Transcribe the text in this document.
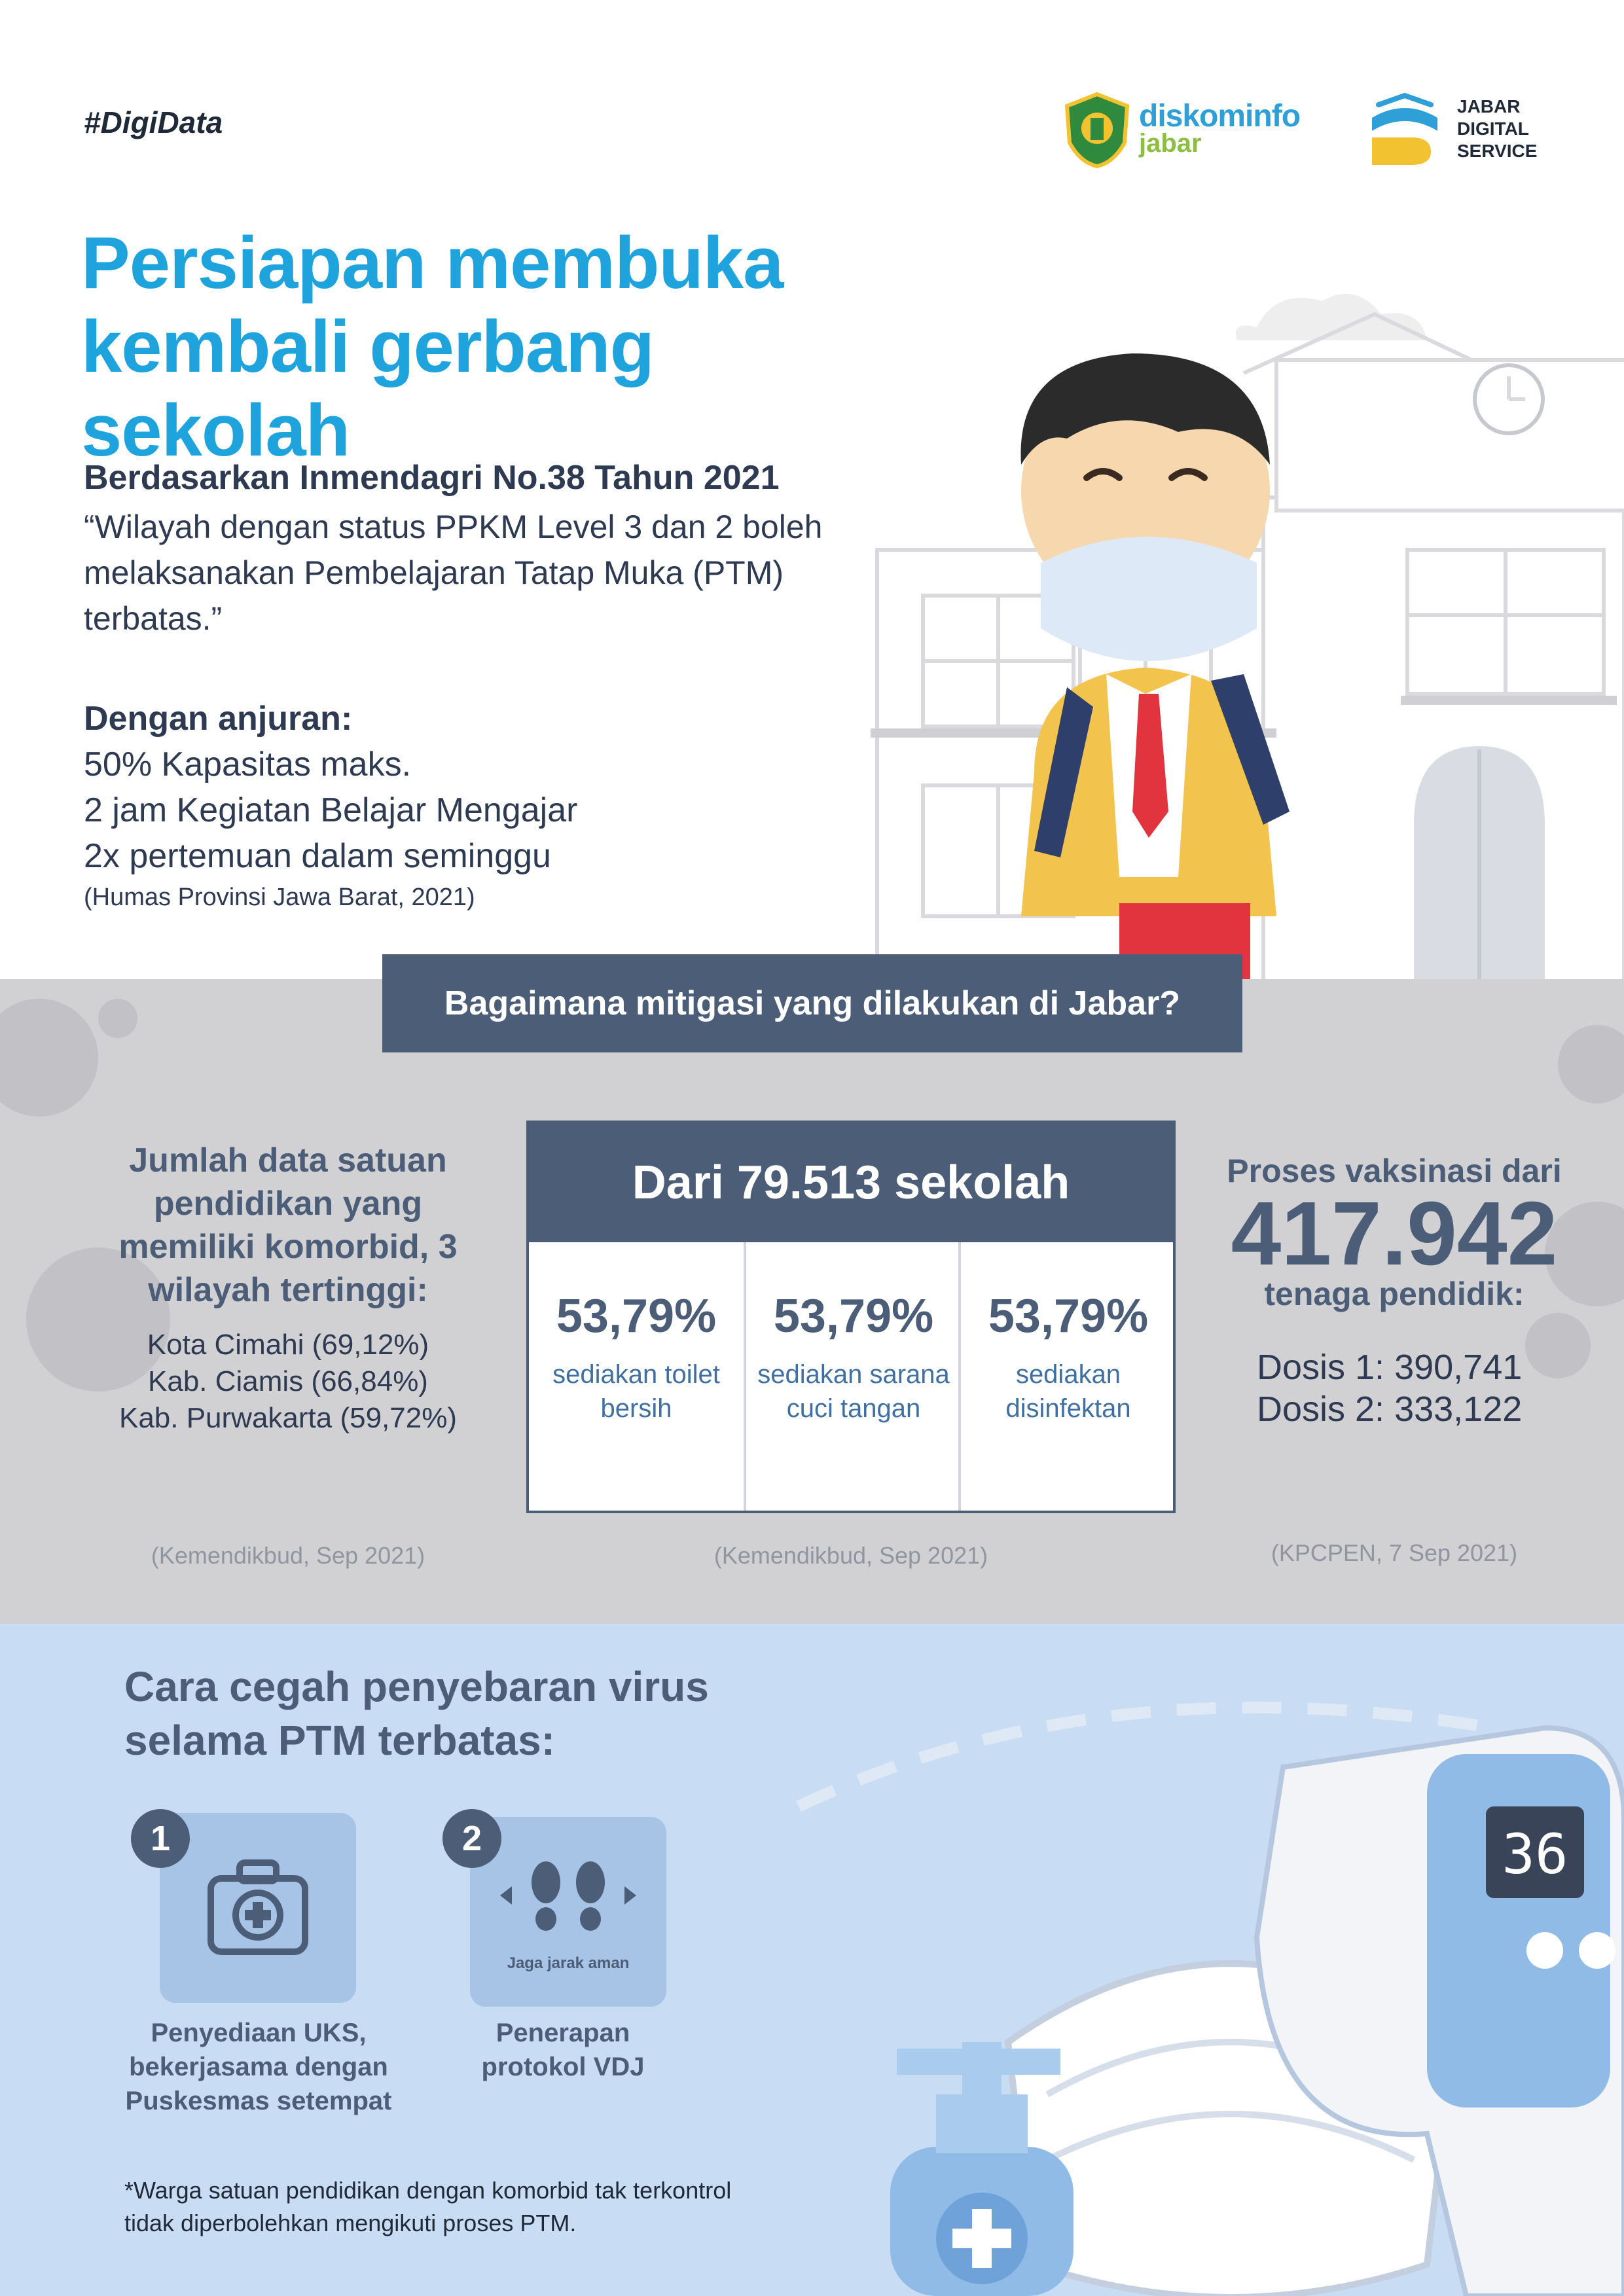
#DigiData	diskominfo
jabar
JABAR
DIGITAL
SERVICE
Persiapan membuka
kembali gerbang sekolah
Berdasarkan Inmendagri No.38 Tahun 2021
“Wilayah dengan status PPKM Level 3 dan 2 boleh melaksanakan Pembelajaran Tatap Muka (PTM) terbatas.”
Dengan anjuran:
50% Kapasitas maks.
2 jam Kegiatan Belajar Mengajar
2x pertemuan dalam seminggu
(Humas Provinsi Jawa Barat, 2021)
Bagaimana mitigasi yang dilakukan di Jabar?
Jumlah data satuan pendidikan yang memiliki komorbid, 3 wilayah tertinggi:
Kota Cimahi (69,12%)
Kab. Ciamis (66,84%)
Kab. Purwakarta (59,72%)
(Kemendikbud, Sep 2021)
Dari 79.513 sekolah
53,79%
sediakan toilet
bersih
53,79%
sediakan sarana
cuci tangan
53,79%
sediakan
disinfektan
(Kemendikbud, Sep 2021)
Proses vaksinasi dari
417.942
tenaga pendidik:
Dosis 1: 390,741
Dosis 2: 333,122
(KPCPEN, 7 Sep 2021)
Cara cegah penyebaran virus
selama PTM terbatas:
1
Penyediaan UKS,
bekerjasama dengan
Puskesmas setempat
Jaga jarak aman
2
Penerapan
protokol VDJ
*Warga satuan pendidikan dengan komorbid tak terkontrol tidak diperbolehkan mengikuti proses PTM.
36
